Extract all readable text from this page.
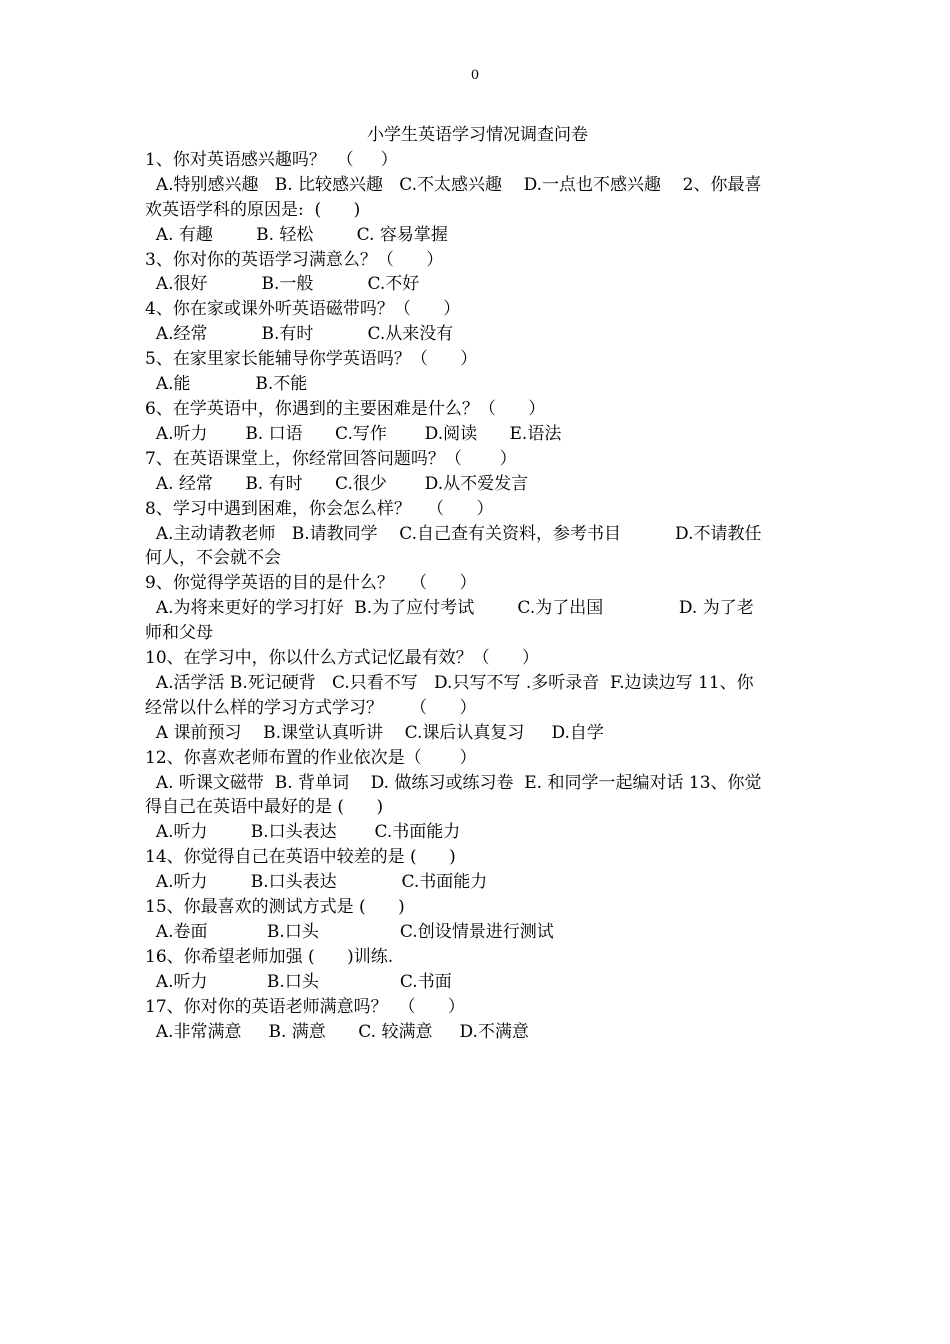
0
小学生英语学习情况调查问卷
1、你对英语感兴趣吗？  （     ）
A.特别感兴趣   B. 比较感兴趣   C.不太感兴趣    D.一点也不感兴趣    2、你最喜
欢英语学科的原因是:  (      )
A. 有趣        B. 轻松        C. 容易掌握
3、你对你的英语学习满意么？（      ）
A.很好          B.一般          C.不好
4、你在家或课外听英语磁带吗？（      ）
A.经常          B.有时          C.从来没有
5、在家里家长能辅导你学英语吗？（      ）
A.能            B.不能
6、在学英语中，你遇到的主要困难是什么？（      ）
A.听力       B. 口语      C.写作       D.阅读      E.语法
7、在英语课堂上，你经常回答问题吗？（       ）
A. 经常      B. 有时      C.很少       D.从不爱发言
8、学习中遇到困难，你会怎么样？   （      ）
A.主动请教老师   B.请教同学    C.自己查有关资料，参考书目          D.不请教任
何人，不会就不会
9、你觉得学英语的目的是什么？   （      ）
A.为将来更好的学习打好  B.为了应付考试        C.为了出国              D. 为了老
师和父母
10、在学习中，你以什么方式记忆最有效？（      ）
A.活学活 B.死记硬背   C.只看不写   D.只写不写 .多听录音  F.边读边写 11、你
经常以什么样的学习方式学习？     （      ）
A 课前预习    B.课堂认真听讲    C.课后认真复习     D.自学
12、你喜欢老师布置的作业依次是（       ）
A. 听课文磁带  B. 背单词    D. 做练习或练习卷  E. 和同学一起编对话 13、你觉
得自己在英语中最好的是 (      )
A.听力        B.口头表达       C.书面能力
14、你觉得自己在英语中较差的是 (      )
A.听力        B.口头表达            C.书面能力
15、你最喜欢的测试方式是 (      )
A.卷面           B.口头               C.创设情景进行测试
16、你希望老师加强 (      )训练.
A.听力           B.口头               C.书面
17、你对你的英语老师满意吗？  （      ）
A.非常满意     B. 满意      C. 较满意     D.不满意
